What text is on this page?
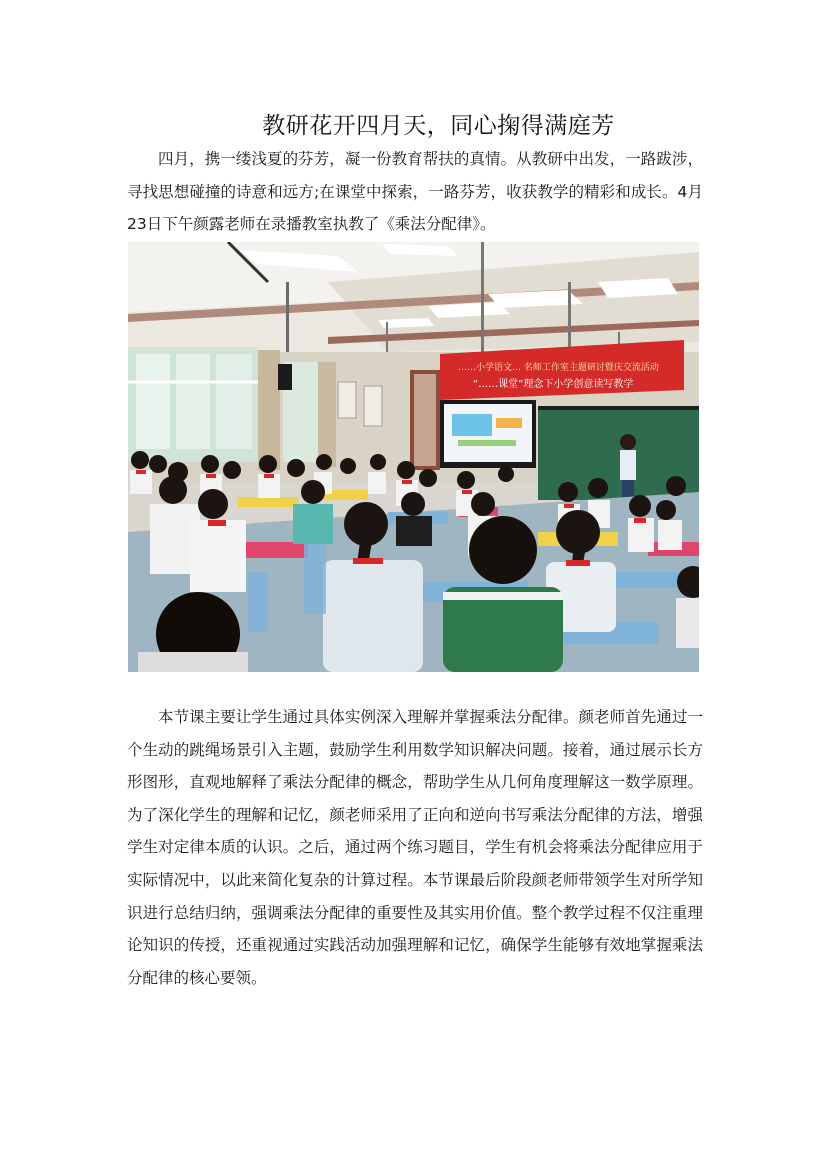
教研花开四月天，同心掬得满庭芳

四月，携一缕浅夏的芬芳，凝一份教育帮扶的真情。从教研中出发，一路跋涉，寻找思想碰撞的诗意和远方;在课堂中探索，一路芬芳，收获教学的精彩和成长。4月23日下午颜露老师在录播教室执教了《乘法分配律》。

……小学语文… 名师工作室主题研讨暨庆交流活动
“……课堂”理念下小学创意读写教学

本节课主要让学生通过具体实例深入理解并掌握乘法分配律。颜老师首先通过一个生动的跳绳场景引入主题，鼓励学生利用数学知识解决问题。接着，通过展示长方形图形，直观地解释了乘法分配律的概念，帮助学生从几何角度理解这一数学原理。为了深化学生的理解和记忆，颜老师采用了正向和逆向书写乘法分配律的方法，增强学生对定律本质的认识。之后，通过两个练习题目，学生有机会将乘法分配律应用于实际情况中，以此来简化复杂的计算过程。本节课最后阶段颜老师带领学生对所学知识进行总结归纳，强调乘法分配律的重要性及其实用价值。整个教学过程不仅注重理论知识的传授，还重视通过实践活动加强理解和记忆，确保学生能够有效地掌握乘法分配律的核心要领。
